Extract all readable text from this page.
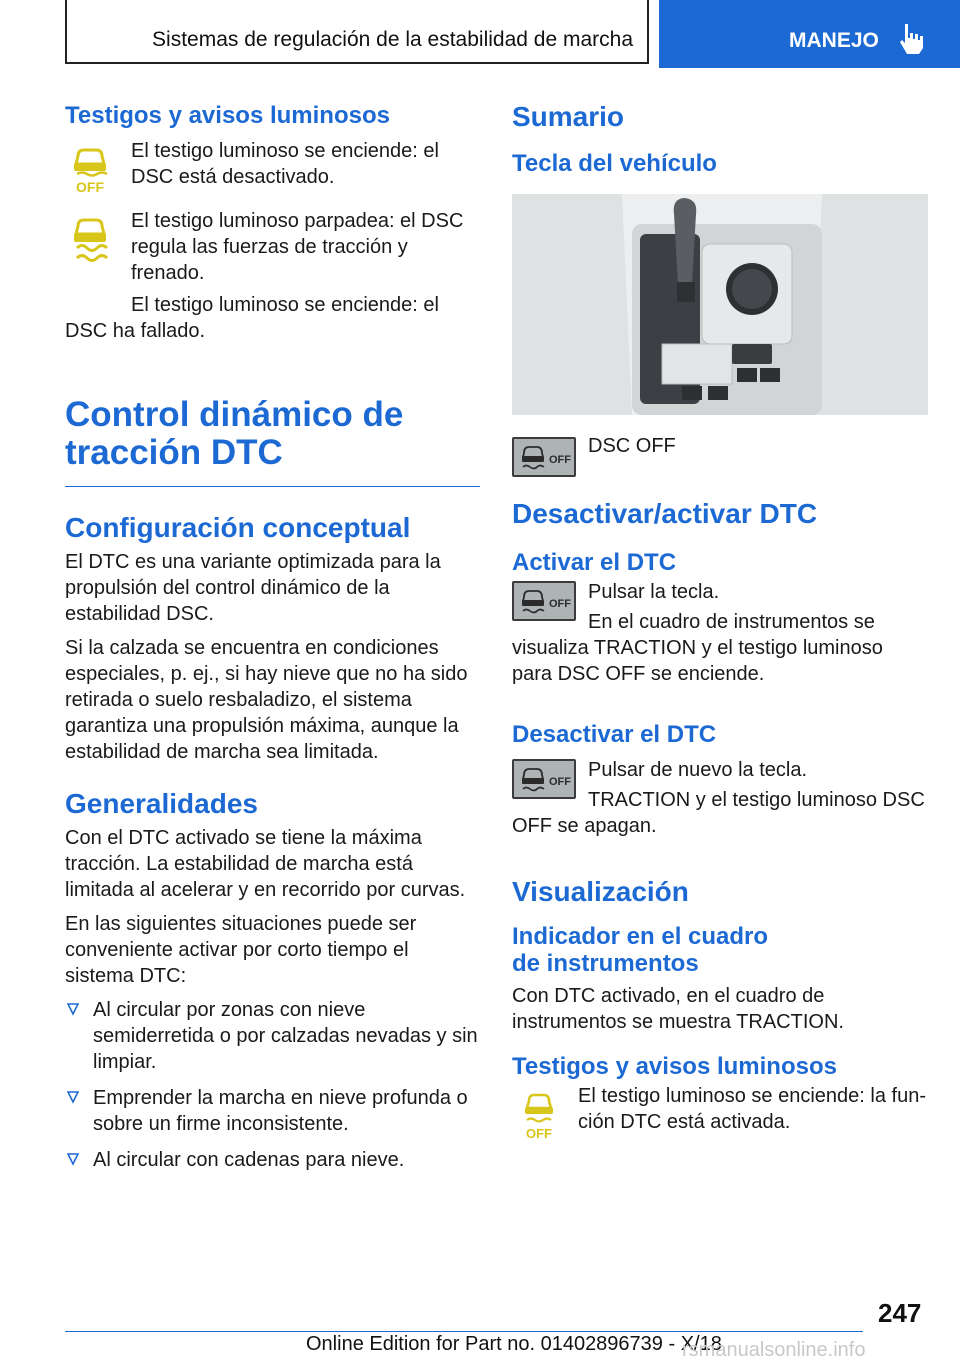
Sistemas de regulación de la estabilidad de marcha	MANEJO
Testigos y avisos luminosos
OFF

El testigo luminoso se enciende: el DSC está desactivado.

El testigo luminoso parpadea: el DSC regula las fuerzas de tracción y frenado.

El testigo luminoso se enciende: el DSC ha fallado.

Control dinámico de tracción DTC
Configuración conceptual

El DTC es una variante optimizada para la propulsión del control dinámico de la estabilidad DSC.

Si la calzada se encuentra en condiciones especiales, p. ej., si hay nieve que no ha sido retirada o suelo resbaladizo, el sistema garantiza una propulsión máxima, aunque la estabilidad de marcha sea limitada.

Generalidades

Con el DTC activado se tiene la máxima tracción. La estabilidad de marcha está limitada al acelerar y en recorrido por curvas.

En las siguientes situaciones puede ser conveniente activar por corto tiempo el sistema DTC:

Al circular por zonas con nieve semiderretida o por calzadas nevadas y sin limpiar.
Emprender la marcha en nieve profunda o sobre un firme inconsistente.
Al circular con cadenas para nieve.
Sumario
Tecla del vehículo
OFF

DSC OFF

Desactivar/activar DTC
Activar el DTC
OFF

Pulsar la tecla.

En el cuadro de instrumentos se visualiza TRACTION y el testigo luminoso para DSC OFF se enciende.

Desactivar el DTC
OFF

Pulsar de nuevo la tecla.

TRACTION y el testigo luminoso DSC OFF se apagan.

Visualización
Indicador en el cuadro de instrumentos

Con DTC activado, en el cuadro de instrumentos se muestra TRACTION.

Testigos y avisos luminosos
OFF

El testigo luminoso se enciende: la función DTC está activada.

247
Online Edition for Part no. 01402896739 - X/18
rsmanualsonline.info
